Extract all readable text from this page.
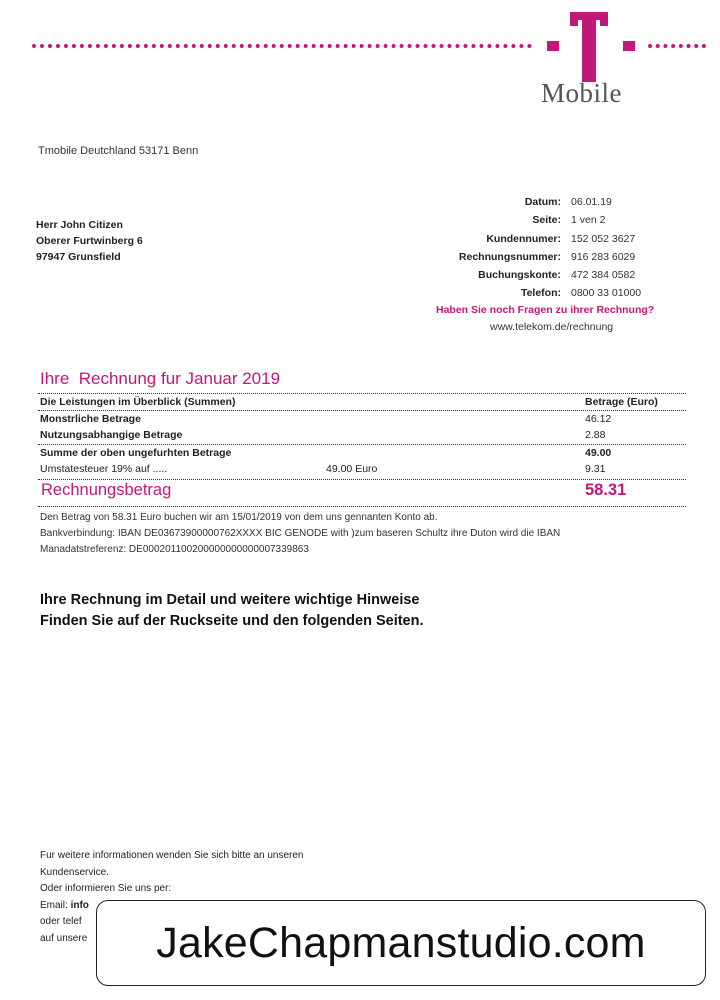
Mobile
Tmobile Deutchland 53171 Benn
Herr John Citizen
Oberer Furtwinberg 6
97947 Grunsfield
Datum: 06.01.19
Seite: 1 ven 2
Kundennumer: 152 052 3627
Rechnungsnummer: 916 283 6029
Buchungskonte: 472 384 0582
Telefon: 0800 33 01000
Haben Sie noch Fragen zu ihrer Rechnung?
www.telekom.de/rechnung
Ihre  Rechnung fur Januar 2019
Die Leistungen im Überblick (Summen)	Betrage (Euro)
Monstrliche Betrage	46.12
Nutzungsabhangige Betrage	2.88
Summe der oben ungefurhten Betrage	49.00
Umstatesteuer 19% auf .....	49.00 Euro	9.31
Rechnungsbetrag	58.31
Den Betrag von 58.31 Euro buchen wir am 15/01/2019 von dem uns gennanten Konto ab.
Bankverbindung: IBAN DE03673900000762XXXX BIC GENODE with )zum baseren Schultz ihre Duton wird die IBAN
Manadatstreferenz: DE000201100200000000000007339863
Ihre Rechnung im Detail und weitere wichtige Hinweise
Finden Sie auf der Ruckseite und den folgenden Seiten.
Fur weitere informationen wenden Sie sich bitte an unseren
Kundenservice.
Oder informieren Sie uns per:
Email: info
oder telef
auf unsere	JakeChapmanstudio.com
